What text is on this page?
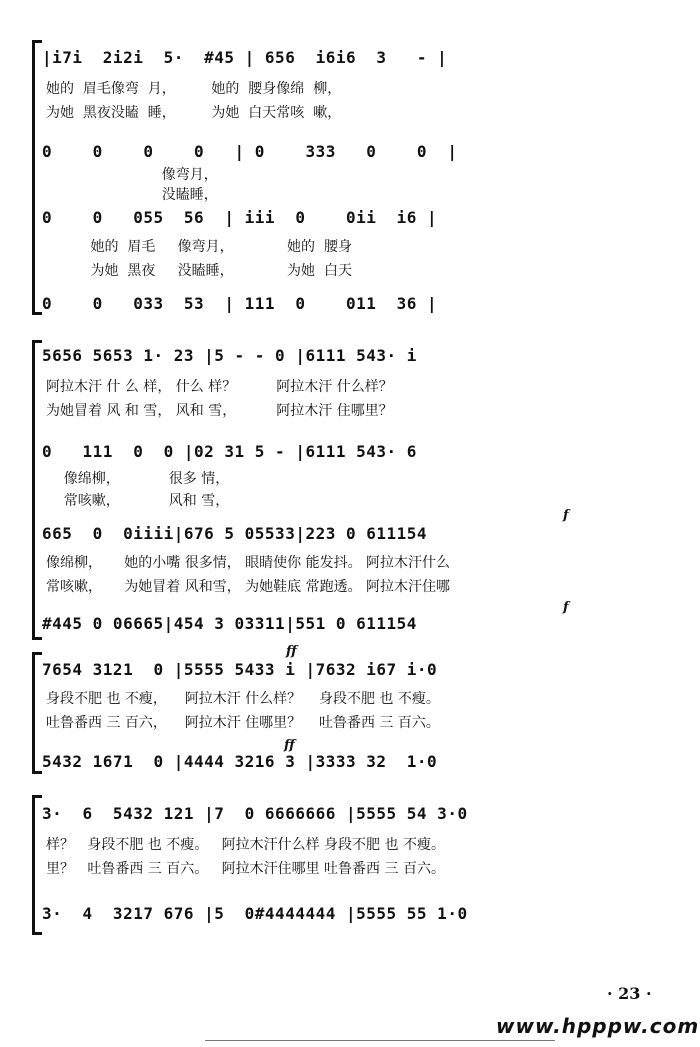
|i7i  2i2i  5·  #45 | 656  i6i6  3   - |
她的  眉毛像弯  月，        她的  腰身像绵  柳，
为她  黑夜没瞌  睡，        为她  白天常咳  嗽，
0    0    0    0   | 0    333   0    0  |
像弯月，
没瞌睡，
0    0   055  56  | iii  0    0ii  i6 |
她的  眉毛     像弯月，            她的  腰身
为她  黑夜     没瞌睡，            为她  白天
0    0   033  53  | 111  0    011  36 |
5656 5653 1· 23 |5 - - 0 |6111 543· i
阿拉木汗 什 么 样， 什么 样？         阿拉木汗 什么样？
为她冒着 风 和 雪， 风和 雪，         阿拉木汗 住哪里？
0   111  0  0 |02 31 5 - |6111 543· 6
像绵柳，           很多 情，
常咳嗽，           风和 雪，
f
665  0  0iiii|676 5 05533|223 0 611154
像绵柳，     她的小嘴 很多情， 眼睛使你 能发抖。 阿拉木汗什么
常咳嗽，     为她冒着 风和雪， 为她鞋底 常跑透。 阿拉木汗住哪
f
#445 0 06665|454 3 03311|551 0 611154
ff
7654 3121  0 |5555 5433 i |7632 i67 i·0
身段不肥 也 不瘦，    阿拉木汗 什么样？    身段不肥 也 不瘦。
吐鲁番西 三 百六，    阿拉木汗 住哪里？    吐鲁番西 三 百六。
ff
5432 1671  0 |4444 3216 3 |3333 32  1·0
3·  6  5432 121 |7  0 6666666 |5555 54 3·0
样？   身段不肥 也 不瘦。   阿拉木汗什么样 身段不肥 也 不瘦。
里？   吐鲁番西 三 百六。   阿拉木汗住哪里 吐鲁番西 三 百六。
3·  4  3217 676 |5  0#4444444 |5555 55 1·0
· 23 ·
www.hpppw.com
